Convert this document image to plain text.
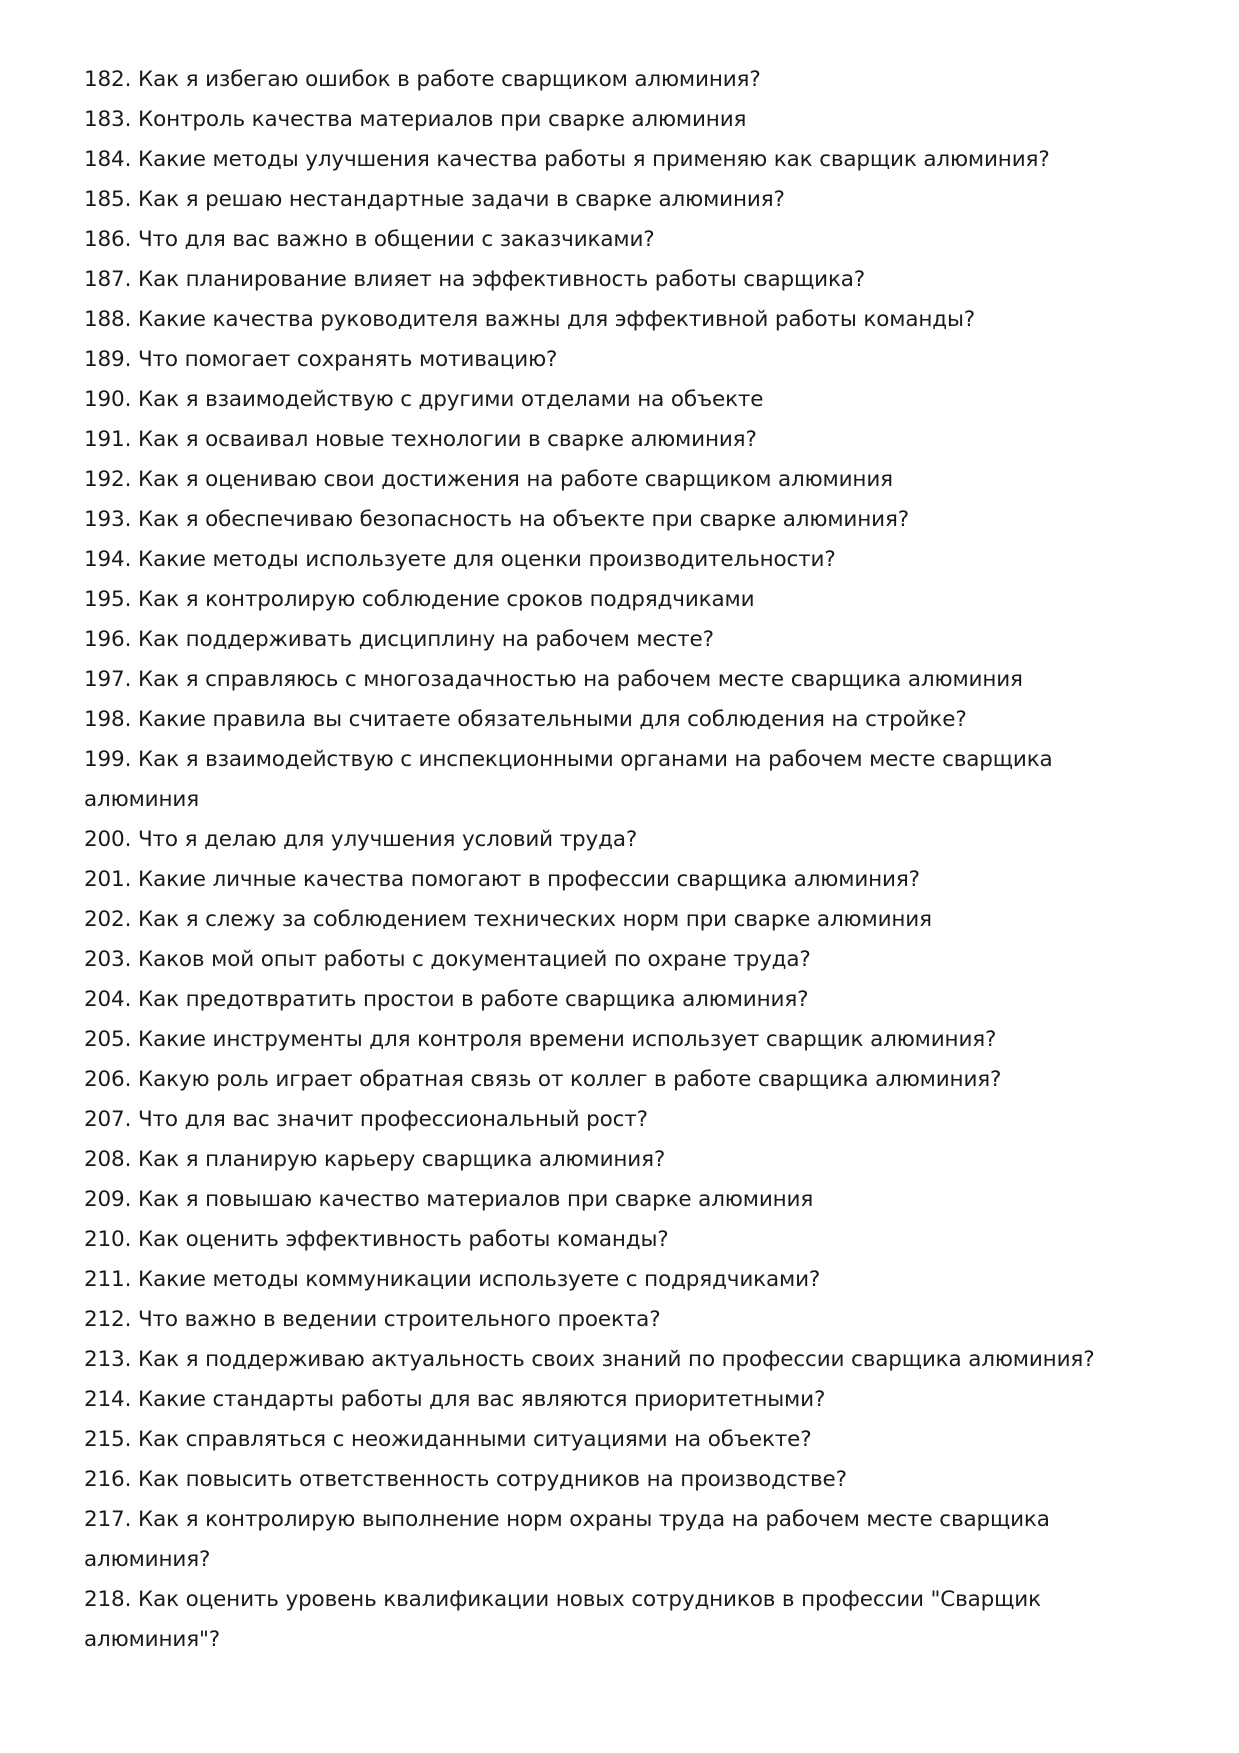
182. Как я избегаю ошибок в работе сварщиком алюминия?
183. Контроль качества материалов при сварке алюминия
184. Какие методы улучшения качества работы я применяю как сварщик алюминия?
185. Как я решаю нестандартные задачи в сварке алюминия?
186. Что для вас важно в общении с заказчиками?
187. Как планирование влияет на эффективность работы сварщика?
188. Какие качества руководителя важны для эффективной работы команды?
189. Что помогает сохранять мотивацию?
190. Как я взаимодействую с другими отделами на объекте
191. Как я осваивал новые технологии в сварке алюминия?
192. Как я оцениваю свои достижения на работе сварщиком алюминия
193. Как я обеспечиваю безопасность на объекте при сварке алюминия?
194. Какие методы используете для оценки производительности?
195. Как я контролирую соблюдение сроков подрядчиками
196. Как поддерживать дисциплину на рабочем месте?
197. Как я справляюсь с многозадачностью на рабочем месте сварщика алюминия
198. Какие правила вы считаете обязательными для соблюдения на стройке?
199. Как я взаимодействую с инспекционными органами на рабочем месте сварщика алюминия
200. Что я делаю для улучшения условий труда?
201. Какие личные качества помогают в профессии сварщика алюминия?
202. Как я слежу за соблюдением технических норм при сварке алюминия
203. Каков мой опыт работы с документацией по охране труда?
204. Как предотвратить простои в работе сварщика алюминия?
205. Какие инструменты для контроля времени использует сварщик алюминия?
206. Какую роль играет обратная связь от коллег в работе сварщика алюминия?
207. Что для вас значит профессиональный рост?
208. Как я планирую карьеру сварщика алюминия?
209. Как я повышаю качество материалов при сварке алюминия
210. Как оценить эффективность работы команды?
211. Какие методы коммуникации используете с подрядчиками?
212. Что важно в ведении строительного проекта?
213. Как я поддерживаю актуальность своих знаний по профессии сварщика алюминия?
214. Какие стандарты работы для вас являются приоритетными?
215. Как справляться с неожиданными ситуациями на объекте?
216. Как повысить ответственность сотрудников на производстве?
217. Как я контролирую выполнение норм охраны труда на рабочем месте сварщика алюминия?
218. Как оценить уровень квалификации новых сотрудников в профессии "Сварщик алюминия"?
